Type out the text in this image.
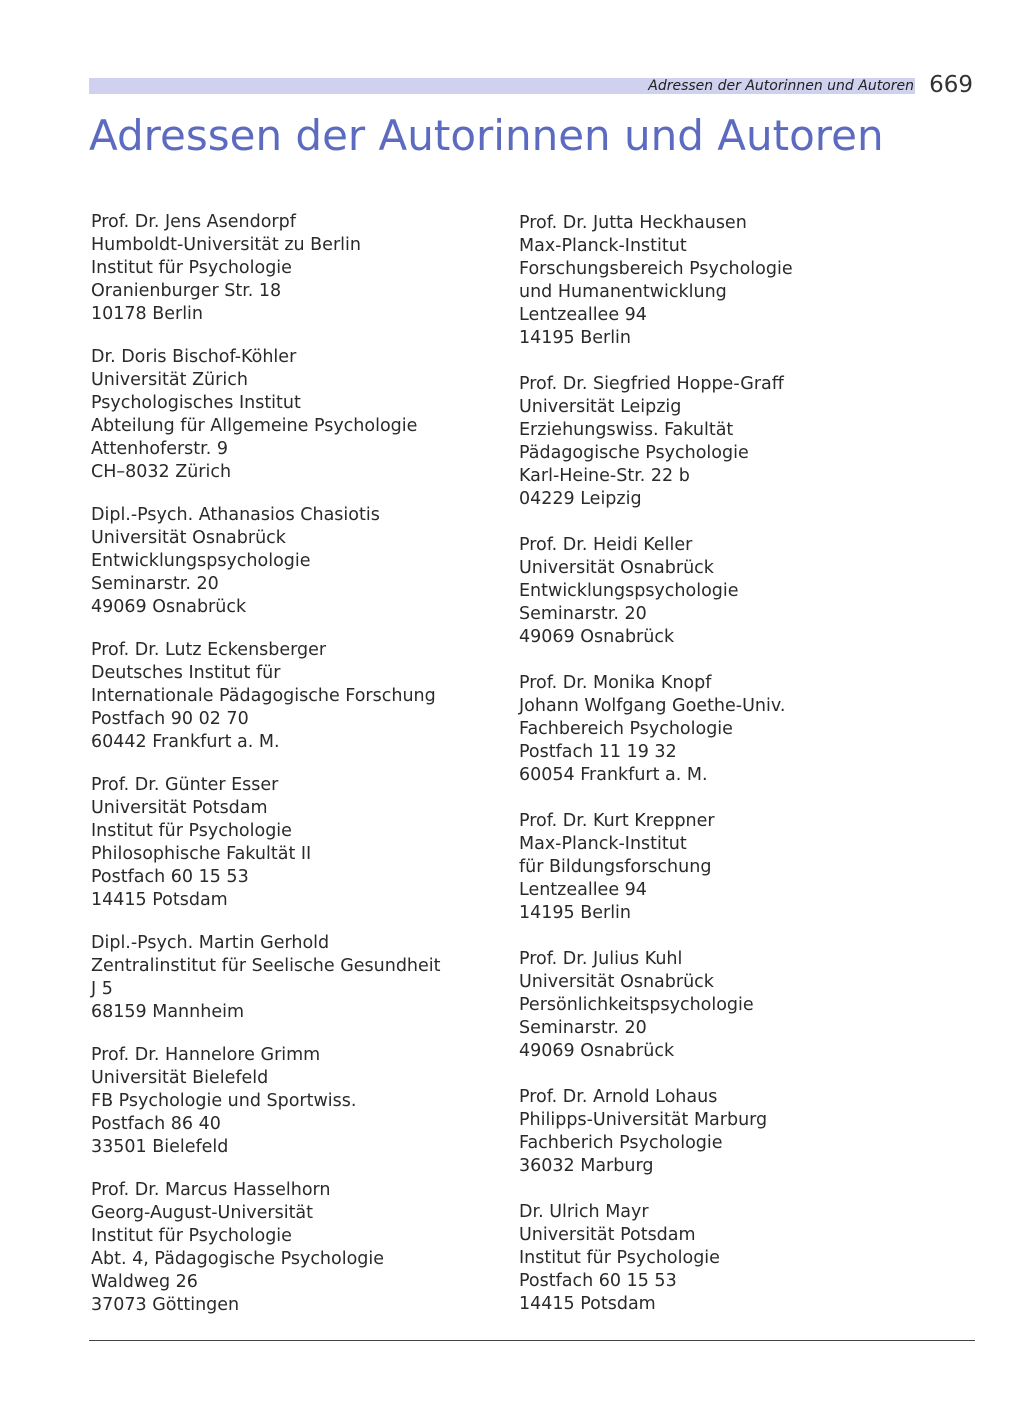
Adressen der Autorinnen und Autoren 669
Adressen der Autorinnen und Autoren
Prof. Dr. Jens Asendorpf
Humboldt-Universität zu Berlin
Institut für Psychologie
Oranienburger Str. 18
10178 Berlin
Dr. Doris Bischof-Köhler
Universität Zürich
Psychologisches Institut
Abteilung für Allgemeine Psychologie
Attenhoferstr. 9
CH–8032 Zürich
Dipl.-Psych. Athanasios Chasiotis
Universität Osnabrück
Entwicklungspsychologie
Seminarstr. 20
49069 Osnabrück
Prof. Dr. Lutz Eckensberger
Deutsches Institut für
Internationale Pädagogische Forschung
Postfach 90 02 70
60442 Frankfurt a. M.
Prof. Dr. Günter Esser
Universität Potsdam
Institut für Psychologie
Philosophische Fakultät II
Postfach 60 15 53
14415 Potsdam
Dipl.-Psych. Martin Gerhold
Zentralinstitut für Seelische Gesundheit
J 5
68159 Mannheim
Prof. Dr. Hannelore Grimm
Universität Bielefeld
FB Psychologie und Sportwiss.
Postfach 86 40
33501 Bielefeld
Prof. Dr. Marcus Hasselhorn
Georg-August-Universität
Institut für Psychologie
Abt. 4, Pädagogische Psychologie
Waldweg 26
37073 Göttingen
Prof. Dr. Jutta Heckhausen
Max-Planck-Institut
Forschungsbereich Psychologie
und Humanentwicklung
Lentzeallee 94
14195 Berlin
Prof. Dr. Siegfried Hoppe-Graff
Universität Leipzig
Erziehungswiss. Fakultät
Pädagogische Psychologie
Karl-Heine-Str. 22 b
04229 Leipzig
Prof. Dr. Heidi Keller
Universität Osnabrück
Entwicklungspsychologie
Seminarstr. 20
49069 Osnabrück
Prof. Dr. Monika Knopf
Johann Wolfgang Goethe-Univ.
Fachbereich Psychologie
Postfach 11 19 32
60054 Frankfurt a. M.
Prof. Dr. Kurt Kreppner
Max-Planck-Institut
für Bildungsforschung
Lentzeallee 94
14195 Berlin
Prof. Dr. Julius Kuhl
Universität Osnabrück
Persönlichkeitspsychologie
Seminarstr. 20
49069 Osnabrück
Prof. Dr. Arnold Lohaus
Philipps-Universität Marburg
Fachberich Psychologie
36032 Marburg
Dr. Ulrich Mayr
Universität Potsdam
Institut für Psychologie
Postfach 60 15 53
14415 Potsdam
